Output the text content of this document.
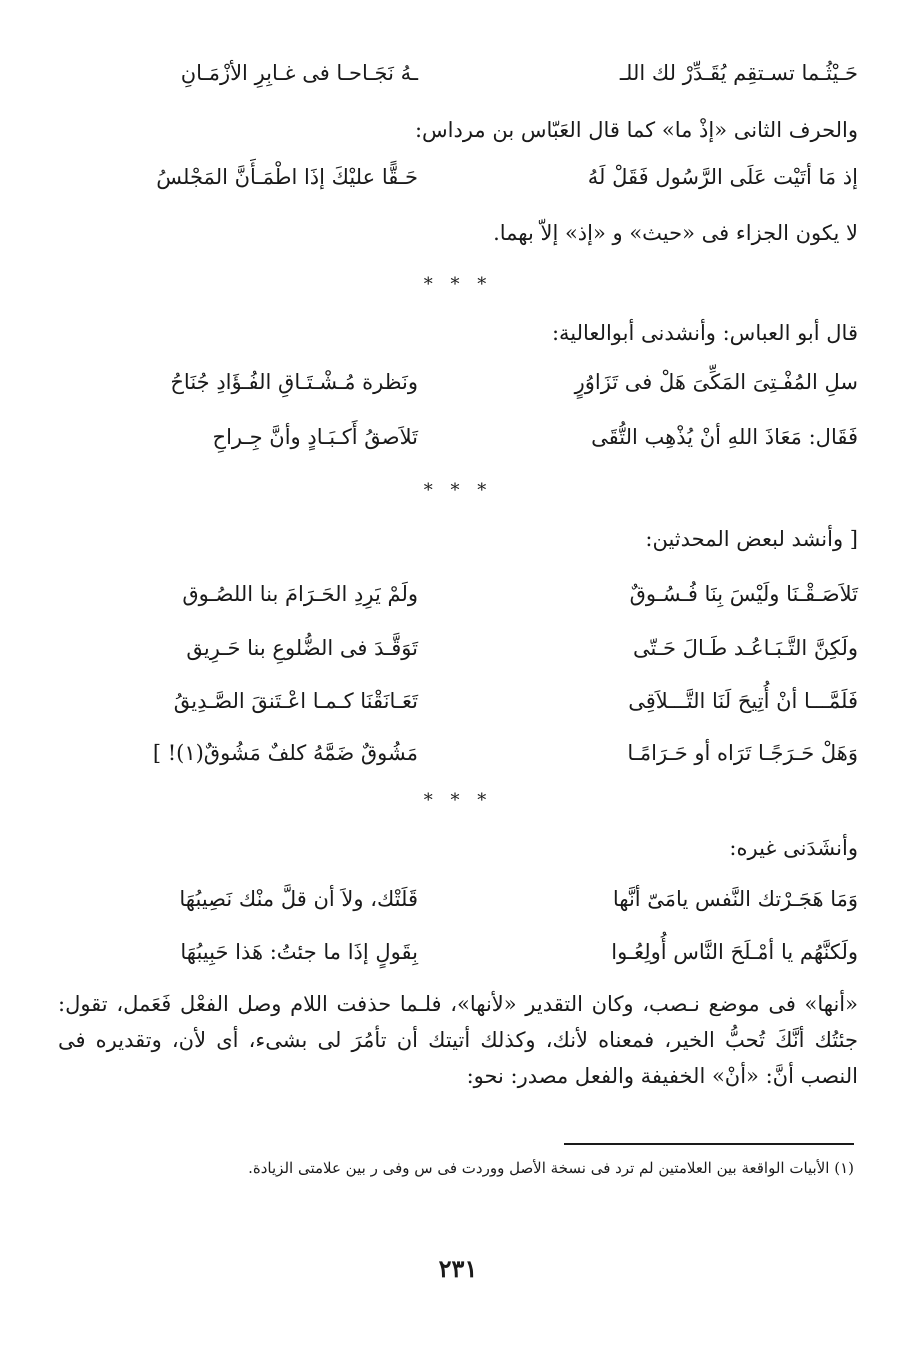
حَـيْثُـما تسـتقِم يُقَـدِّرْ لك اللـ
ـهُ نَجَـاحـا فى غـابِرِ الأزْمَـانِ
والحرف الثانى «إذْ ما» كما قال العَبّاس بن مرداس:
إذ مَا أتَيْت عَلَى الرَّسُول فَقَلْ لَهُ
حَـقًّا عليْكَ إذَا اطْمَـأَنَّ المَجْلسُ
لا يكون الجزاء فى «حيث» و «إذ» إلاّ بهما.
* * *
قال أبو العباس: وأنشدنى أبوالعالية:
سلِ المُفْـتِىَ المَكِّىَ هَلْ فى تَزَاوُرٍ
ونَظرة مُـشْـتَـاقِ الفُـؤَادِ جُنَاحُ
فَقَال: مَعَاذَ اللهِ أنْ يُذْهِب التُّقَى
تَلاَصقُ أَكـبَـادٍ وأنَّ جِـراحِ
* * *
[ وأنشد لبعض المحدثين:
تَلاَصَـقْـنَا ولَيْسَ بِنَا فُـسُـوقٌ
ولَمْ يَرِدِ الحَـرَامَ بنا اللصُـوق
ولَكِنَّ التَّـبَـاعُـد طَـالَ حَـتّى
تَوَقَّـدَ فى الضُّلوعِ بنا حَـرِيق
فَلَمَّـــا أنْ أُتِيحَ لَنَا التَّـــلاَقِى
تَعَـانَقْنَا كـمـا اعْـتَنقَ الصَّـدِيقُ
وَهَلْ حَـرَجًـا تَرَاه أو حَـرَامًـا
مَشُوقٌ ضَمَّهُ كلفٌ مَشُوقٌ(١)! ]
* * *
وأنشَدَنى غيره:
وَمَا هَجَـرْتك النَّفس يامَىّ أنَّها
قَلَتْك، ولاَ أن قلَّ منْك نَصِيبُهَا
ولَكنَّهُم يا أمْـلَحَ النَّاس أُولِعُـوا
بِقَولٍ إذَا ما جئتُ: هَذا حَبِيبُهَا
«أنها» فى موضع نـصب، وكان التقدير «لأنها»، فلـما حذفت اللام وصل الفعْل فَعَمل، تقول: جئتُك أنَّكَ تُحبُّ الخير، فمعناه لأنك، وكذلك أتيتك أن تأمُرَ لى بشىء، أى لأن، وتقديره فى النصب أنَّ: «أنْ» الخفيفة والفعل مصدر: نحو:
(١) الأبيات الواقعة بين العلامتين لم ترد فى نسخة الأصل ووردت فى س وفى ر بين علامتى الزيادة.
٢٣١
